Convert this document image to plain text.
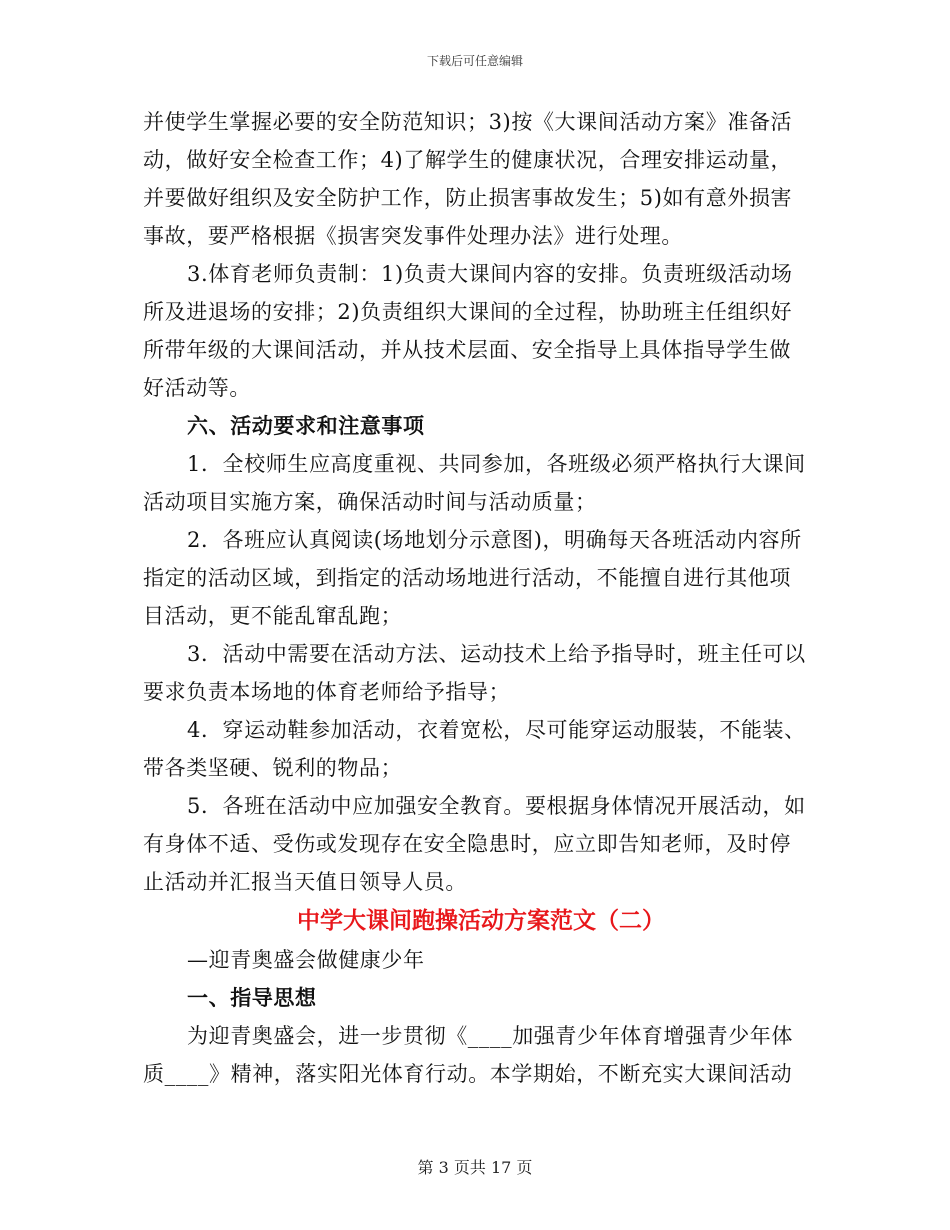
下载后可任意编辑
并使学生掌握必要的安全防范知识；3)按《大课间活动方案》准备活
动，做好安全检查工作；4)了解学生的健康状况，合理安排运动量，
并要做好组织及安全防护工作，防止损害事故发生；5)如有意外损害
事故，要严格根据《损害突发事件处理办法》进行处理。
3.体育老师负责制：1)负责大课间内容的安排。负责班级活动场
所及进退场的安排；2)负责组织大课间的全过程，协助班主任组织好
所带年级的大课间活动，并从技术层面、安全指导上具体指导学生做
好活动等。
六、活动要求和注意事项
1．全校师生应高度重视、共同参加，各班级必须严格执行大课间
活动项目实施方案，确保活动时间与活动质量；
2．各班应认真阅读(场地划分示意图)，明确每天各班活动内容所
指定的活动区域，到指定的活动场地进行活动，不能擅自进行其他项
目活动，更不能乱窜乱跑；
3．活动中需要在活动方法、运动技术上给予指导时，班主任可以
要求负责本场地的体育老师给予指导；
4．穿运动鞋参加活动，衣着宽松，尽可能穿运动服装，不能装、
带各类坚硬、锐利的物品；
5．各班在活动中应加强安全教育。要根据身体情况开展活动，如
有身体不适、受伤或发现存在安全隐患时，应立即告知老师，及时停
止活动并汇报当天值日领导人员。
中学大课间跑操活动方案范文（二）
—迎青奥盛会做健康少年
一、指导思想
为迎青奥盛会，进一步贯彻《____加强青少年体育增强青少年体
质____》精神，落实阳光体育行动。本学期始，不断充实大课间活动
第 3 页共 17 页
